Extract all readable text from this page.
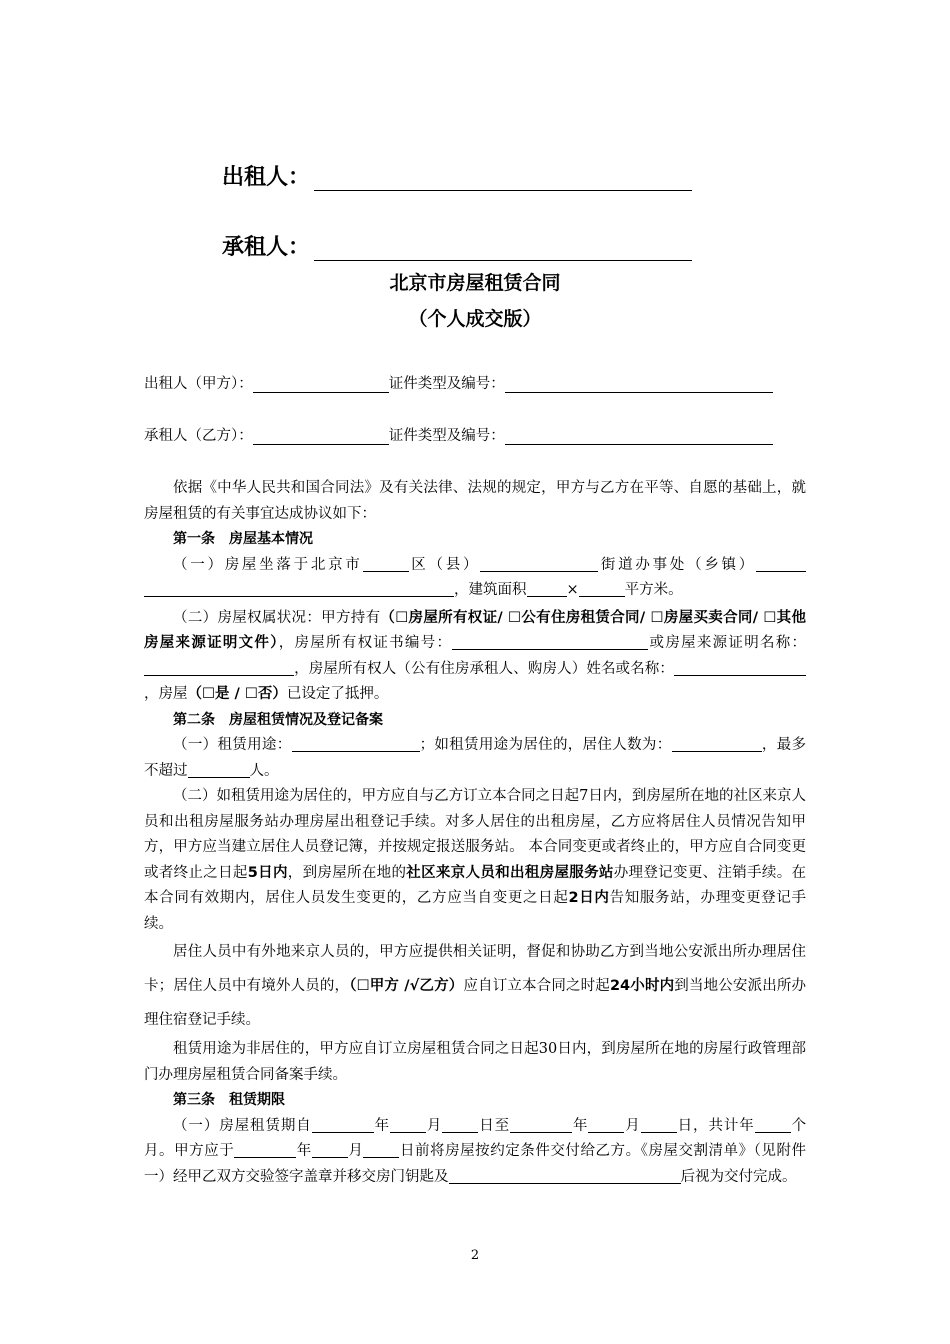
出租人：
承租人：
北京市房屋租赁合同
（个人成交版）
出租人（甲方）：	证件类型及编号：
承租人（乙方）：	证件类型及编号：

依据《中华人民共和国合同法》及有关法律、法规的规定，甲方与乙方在平等、自愿的基础上，就房屋租赁的有关事宜达成协议如下：

第一条　房屋基本情况

（一）房屋坐落于北京市	区（县）	街道办事处（乡镇），建筑面积	×	平方米。

（二）房屋权属状况：甲方持有（☐房屋所有权证/ ☐公有住房租赁合同/ ☐房屋买卖合同/ ☐其他房屋来源证明文件），房屋所有权证书编号：	或房屋来源证明名称：，房屋所有权人（公有住房承租人、购房人）姓名或名称：，房屋（☐是 / ☐否）已设定了抵押。

第二条　房屋租赁情况及登记备案

（一）租赁用途：	；如租赁用途为居住的，居住人数为：	，最多不超过	人。

（二）如租赁用途为居住的，甲方应自与乙方订立本合同之日起7日内，到房屋所在地的社区来京人员和出租房屋服务站办理房屋出租登记手续。对多人居住的出租房屋，乙方应将居住人员情况告知甲方，甲方应当建立居住人员登记簿，并按规定报送服务站。 本合同变更或者终止的，甲方应自合同变更或者终止之日起5日内，到房屋所在地的社区来京人员和出租房屋服务站办理登记变更、注销手续。在本合同有效期内，居住人员发生变更的，乙方应当自变更之日起2日内告知服务站，办理变更登记手续。

居住人员中有外地来京人员的，甲方应提供相关证明，督促和协助乙方到当地公安派出所办理居住卡；居住人员中有境外人员的，（☐甲方 /√乙方）应自订立本合同之时起24小时内到当地公安派出所办理住宿登记手续。

租赁用途为非居住的，甲方应自订立房屋租赁合同之日起30日内，到房屋所在地的房屋行政管理部门办理房屋租赁合同备案手续。

第三条　租赁期限

（一）房屋租赁期自	年 月 日至	年 月 日，共计年 个月。甲方应于	年 月 日前将房屋按约定条件交付给乙方。《房屋交割清单》（见附件一）经甲乙双方交验签字盖章并移交房门钥匙及	后视为交付完成。

2
